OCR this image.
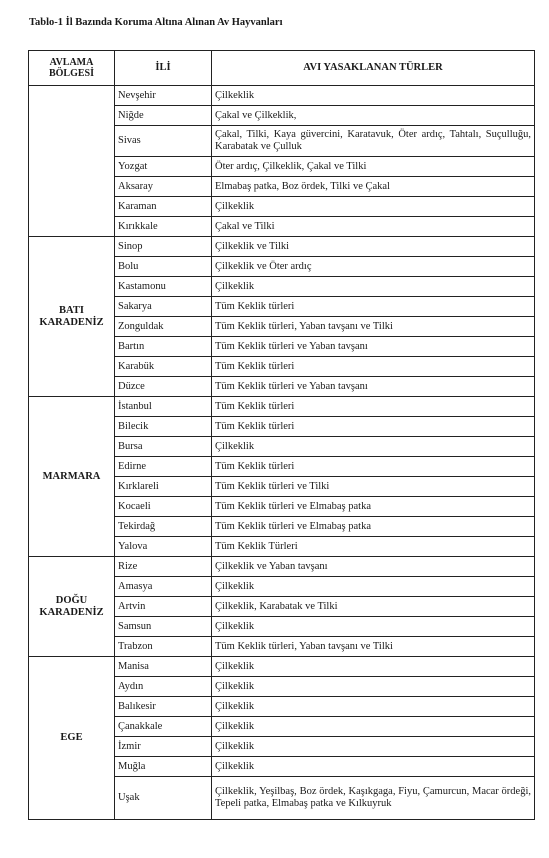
Tablo-1 İl Bazında Koruma Altına Alınan Av Hayvanları
AVLAMA
BÖLGESİ	İLİ	AVI YASAKLANAN TÜRLER

	Nevşehir	Çilkeklik
	Niğde	Çakal ve Çilkeklik,
	Sivas	Çakal, Tilki, Kaya güvercini, Karatavuk, Öter ardıç, Tahtalı, Suçulluğu, Karabatak ve Çulluk
	Yozgat	Öter ardıç, Çilkeklik, Çakal ve Tilki
	Aksaray	Elmabaş patka, Boz ördek, Tilki ve Çakal
	Karaman	Çilkeklik
	Kırıkkale	Çakal ve Tilki

BATI
KARADENİZ	Sinop	Çilkeklik ve Tilki
	Bolu	Çilkeklik ve Öter ardıç
	Kastamonu	Çilkeklik
	Sakarya	Tüm Keklik türleri
	Zonguldak	Tüm Keklik türleri, Yaban tavşanı ve Tilki
	Bartın	Tüm Keklik türleri ve Yaban tavşanı
	Karabük	Tüm Keklik türleri
	Düzce	Tüm Keklik türleri ve Yaban tavşanı

MARMARA	İstanbul	Tüm Keklik türleri
	Bilecik	Tüm Keklik türleri
	Bursa	Çilkeklik
	Edirne	Tüm Keklik türleri
	Kırklareli	Tüm Keklik türleri ve Tilki
	Kocaeli	Tüm Keklik türleri ve Elmabaş patka
	Tekirdağ	Tüm Keklik türleri ve Elmabaş patka
	Yalova	Tüm Keklik Türleri

DOĞU
KARADENİZ	Rize	Çilkeklik ve Yaban tavşanı
	Amasya	Çilkeklik
	Artvin	Çilkeklik, Karabatak ve Tilki
	Samsun	Çilkeklik
	Trabzon	Tüm Keklik türleri, Yaban tavşanı ve Tilki

EGE	Manisa	Çilkeklik
	Aydın	Çilkeklik
	Balıkesir	Çilkeklik
	Çanakkale	Çilkeklik
	İzmir	Çilkeklik
	Muğla	Çilkeklik
	Uşak	Çilkeklik, Yeşilbaş, Boz ördek, Kaşıkgaga, Fiyu, Çamurcun, Macar ördeği, Tepeli patka, Elmabaş patka ve Kılkuyruk
